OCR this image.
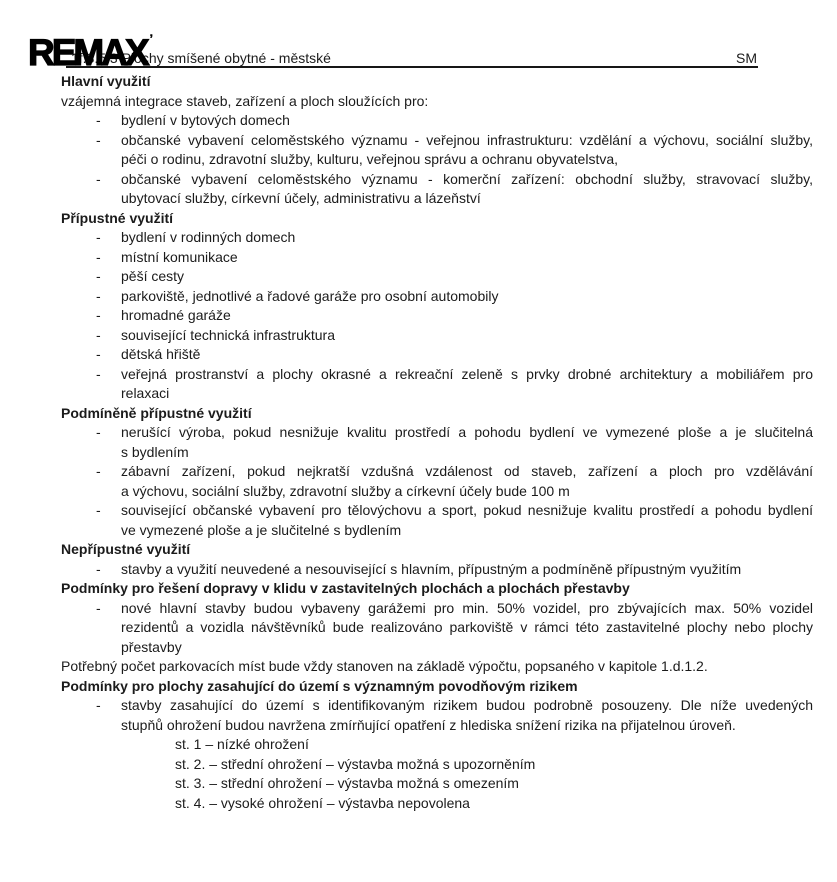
REMAX ’
1f.3.5.3 Plochy smíšené obytné - městské	SM
Hlavní využití
vzájemná integrace staveb, zařízení a ploch sloužících pro:
- bydlení v bytových domech
- občanské vybavení celoměstského významu - veřejnou infrastrukturu: vzdělání a výchovu, sociální služby,
péči o rodinu, zdravotní služby, kulturu, veřejnou správu a ochranu obyvatelstva,
- občanské vybavení celoměstského významu - komerční zařízení: obchodní služby, stravovací služby,
ubytovací služby, církevní účely, administrativu a lázeňství
Přípustné využití
- bydlení v rodinných domech
- místní komunikace
- pěší cesty
- parkoviště, jednotlivé a řadové garáže pro osobní automobily
- hromadné garáže
- související technická infrastruktura
- dětská hřiště
- veřejná prostranství a plochy okrasné a rekreační zeleně s prvky drobné architektury a mobiliářem pro
relaxaci
Podmíněně přípustné využití
- nerušící výroba, pokud nesnižuje kvalitu prostředí a pohodu bydlení ve vymezené ploše a je slučitelná
s bydlením
- zábavní zařízení, pokud nejkratší vzdušná vzdálenost od staveb, zařízení a ploch pro vzdělávání
a výchovu, sociální služby, zdravotní služby a církevní účely bude 100 m
- související občanské vybavení pro tělovýchovu a sport, pokud nesnižuje kvalitu prostředí a pohodu bydlení
ve vymezené ploše a je slučitelné s bydlením
Nepřípustné využití
- stavby a využití neuvedené a nesouvisející s hlavním, přípustným a podmíněně přípustným využitím
Podmínky pro řešení dopravy v klidu v zastavitelných plochách a plochách přestavby
- nové hlavní stavby budou vybaveny garážemi pro min. 50% vozidel, pro zbývajících max. 50% vozidel
rezidentů a vozidla návštěvníků bude realizováno parkoviště v rámci této zastavitelné plochy nebo plochy
přestavby
Potřebný počet parkovacích míst bude vždy stanoven na základě výpočtu, popsaného v kapitole 1.d.1.2.
Podmínky pro plochy zasahující do území s významným povodňovým rizikem
- stavby zasahující do území s identifikovaným rizikem budou podrobně posouzeny. Dle níže uvedených
stupňů ohrožení budou navržena zmírňující opatření z hlediska snížení rizika na přijatelnou úroveň.
st. 1 – nízké ohrožení
st. 2. – střední ohrožení – výstavba možná s upozorněním
st. 3. – střední ohrožení – výstavba možná s omezením
st. 4. – vysoké ohrožení – výstavba nepovolena
